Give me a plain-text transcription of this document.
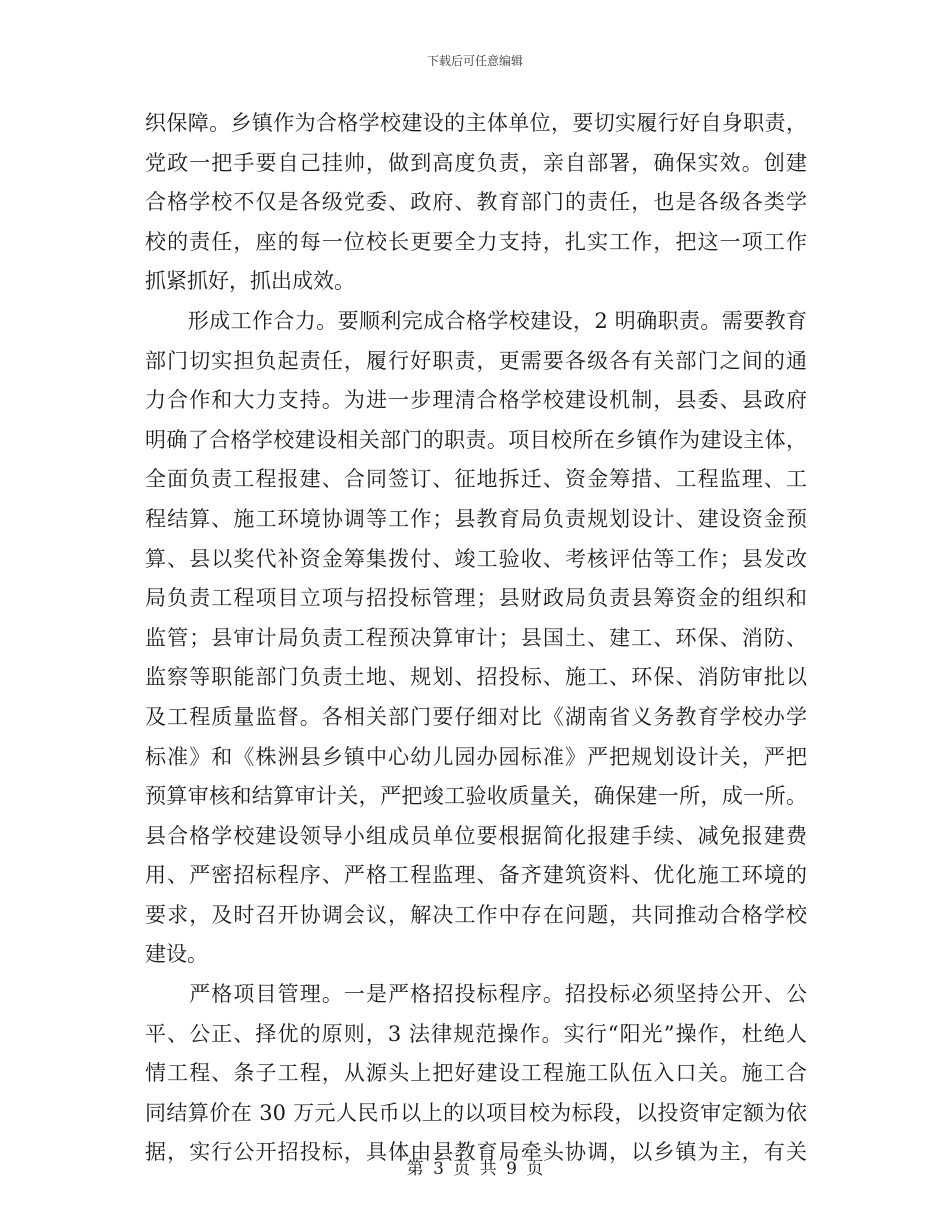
下载后可任意编辑
织保障。乡镇作为合格学校建设的主体单位，要切实履行好自身职责，
党政一把手要自己挂帅，做到高度负责，亲自部署，确保实效。创建
合格学校不仅是各级党委、政府、教育部门的责任，也是各级各类学
校的责任，座的每一位校长更要全力支持，扎实工作，把这一项工作
抓紧抓好，抓出成效。
　　形成工作合力。要顺利完成合格学校建设，2 明确职责。需要教育
部门切实担负起责任，履行好职责，更需要各级各有关部门之间的通
力合作和大力支持。为进一步理清合格学校建设机制，县委、县政府
明确了合格学校建设相关部门的职责。项目校所在乡镇作为建设主体，
全面负责工程报建、合同签订、征地拆迁、资金筹措、工程监理、工
程结算、施工环境协调等工作；县教育局负责规划设计、建设资金预
算、县以奖代补资金筹集拨付、竣工验收、考核评估等工作；县发改
局负责工程项目立项与招投标管理；县财政局负责县筹资金的组织和
监管；县审计局负责工程预决算审计；县国土、建工、环保、消防、
监察等职能部门负责土地、规划、招投标、施工、环保、消防审批以
及工程质量监督。各相关部门要仔细对比《湖南省义务教育学校办学
标准》和《株洲县乡镇中心幼儿园办园标准》严把规划设计关，严把
预算审核和结算审计关，严把竣工验收质量关，确保建一所，成一所。
县合格学校建设领导小组成员单位要根据简化报建手续、减免报建费
用、严密招标程序、严格工程监理、备齐建筑资料、优化施工环境的
要求，及时召开协调会议，解决工作中存在问题，共同推动合格学校
建设。
　　严格项目管理。一是严格招投标程序。招投标必须坚持公开、公
平、公正、择优的原则，3 法律规范操作。实行“阳光”操作，杜绝人
情工程、条子工程，从源头上把好建设工程施工队伍入口关。施工合
同结算价在 30 万元人民币以上的以项目校为标段，以投资审定额为依
据，实行公开招投标，具体由县教育局牵头协调，以乡镇为主，有关
第 3 页 共 9 页
